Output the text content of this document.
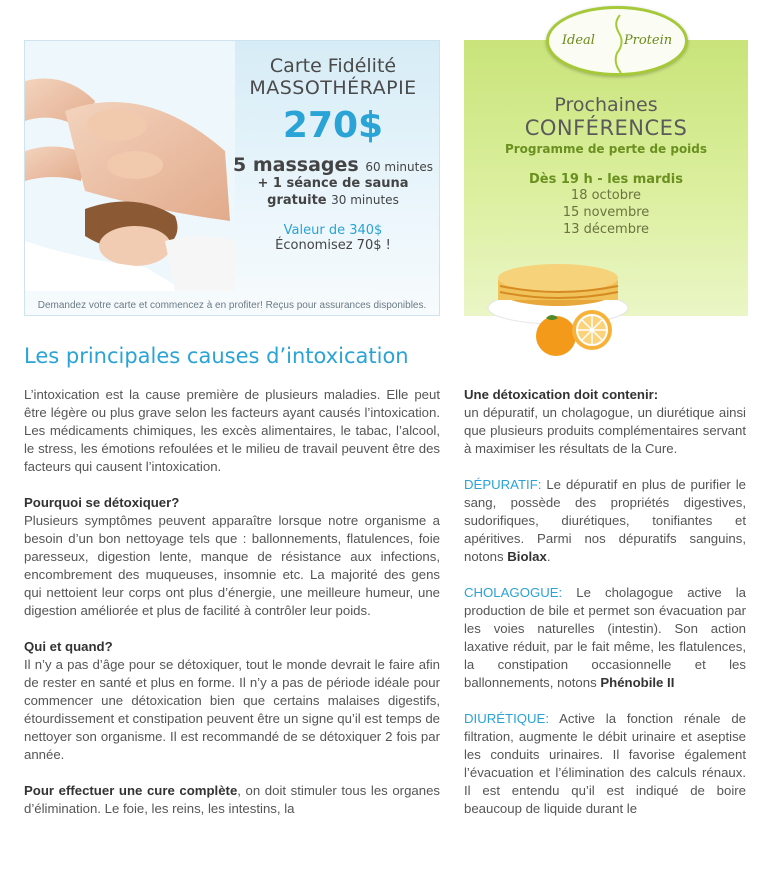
Carte Fidélité
MASSOTHÉRAPIE
270$
5 massages 60 minutes
+ 1 séance de sauna
gratuite 30 minutes
Valeur de 340$
Économisez 70$ !
Demandez votre carte et commencez à en profiter! Reçus pour assurances disponibles.
Prochaines
CONFÉRENCES
Programme de perte de poids
Dès 19 h - les mardis
18 octobre
15 novembre
13 décembre
Ideal Protein
Les principales causes d’intoxication

L’intoxication est la cause première de plusieurs maladies. Elle peut être légère ou plus grave selon les facteurs ayant causés l’intoxication. Les médicaments chimiques, les excès alimentaires, le tabac, l’alcool, le stress, les émotions refoulées et le milieu de travail peuvent être des facteurs qui causent l’intoxication.

Pourquoi se détoxiquer?
Plusieurs symptômes peuvent apparaître lorsque notre organisme a besoin d’un bon nettoyage tels que : ballonnements, flatulences, foie paresseux, digestion lente, manque de résistance aux infections, encombrement des muqueuses, insomnie etc. La majorité des gens qui nettoient leur corps ont plus d’énergie, une meilleure humeur, une digestion améliorée et plus de facilité à contrôler leur poids.

Qui et quand?
Il n’y a pas d’âge pour se détoxiquer, tout le monde devrait le faire afin de rester en santé et plus en forme. Il n’y a pas de période idéale pour commencer une détoxication bien que certains malaises digestifs, étourdissement et constipation peuvent être un signe qu’il est temps de nettoyer son organisme. Il est recommandé de se détoxiquer 2 fois par année.

Pour effectuer une cure complète, on doit stimuler tous les organes d’élimination. Le foie, les reins, les intestins, la

Une détoxication doit contenir:
un dépuratif, un cholagogue, un diurétique ainsi que plusieurs produits complémentaires servant à maximiser les résultats de la Cure.

DÉPURATIF: Le dépuratif en plus de purifier le sang, possède des propriétés digestives, sudorifiques, diurétiques, tonifiantes et apéritives. Parmi nos dépuratifs sanguins, notons Biolax.

CHOLAGOGUE: Le cholagogue active la production de bile et permet son évacuation par les voies naturelles (intestin). Son action laxative réduit, par le fait même, les flatulences, la constipation occasionnelle et les ballonnements, notons Phénobile II

DIURÉTIQUE: Active la fonction rénale de filtration, augmente le débit urinaire et aseptise les conduits urinaires. Il favorise également l’évacuation et l’élimination des calculs rénaux. Il est entendu qu’il est indiqué de boire beaucoup de liquide durant le
